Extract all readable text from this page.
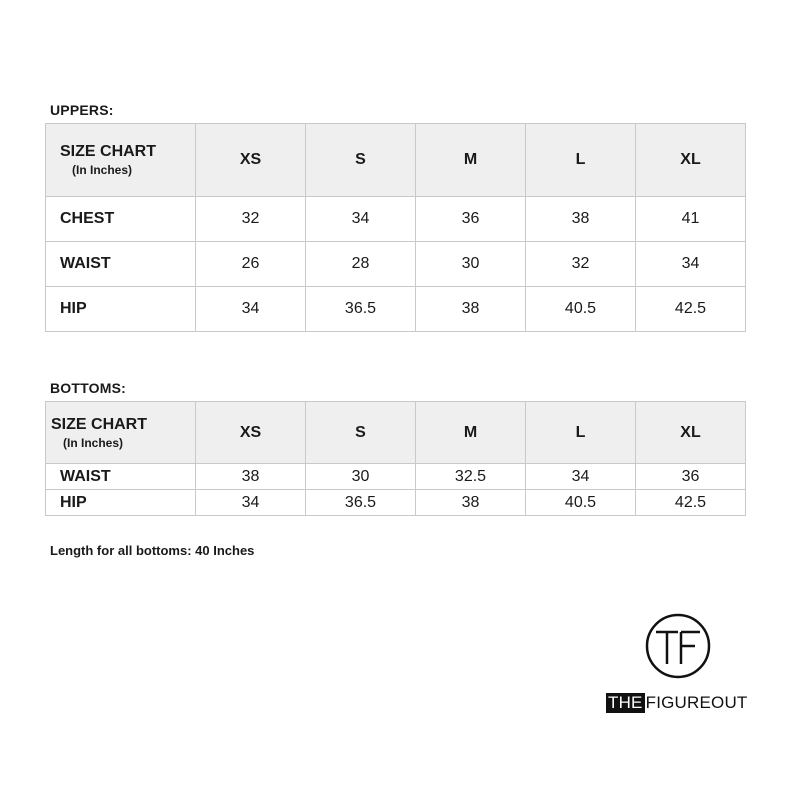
UPPERS:
SIZE CHART
(In Inches)	XS	S	M	L	XL
CHEST	32	34	36	38	41
WAIST	26	28	30	32	34
HIP	34	36.5	38	40.5	42.5
BOTTOMS:
SIZE CHART
(In Inches)	XS	S	M	L	XL
WAIST	38	30	32.5	34	36
HIP	34	36.5	38	40.5	42.5
Length for all bottoms: 40 Inches
THE FIGUREOUT
